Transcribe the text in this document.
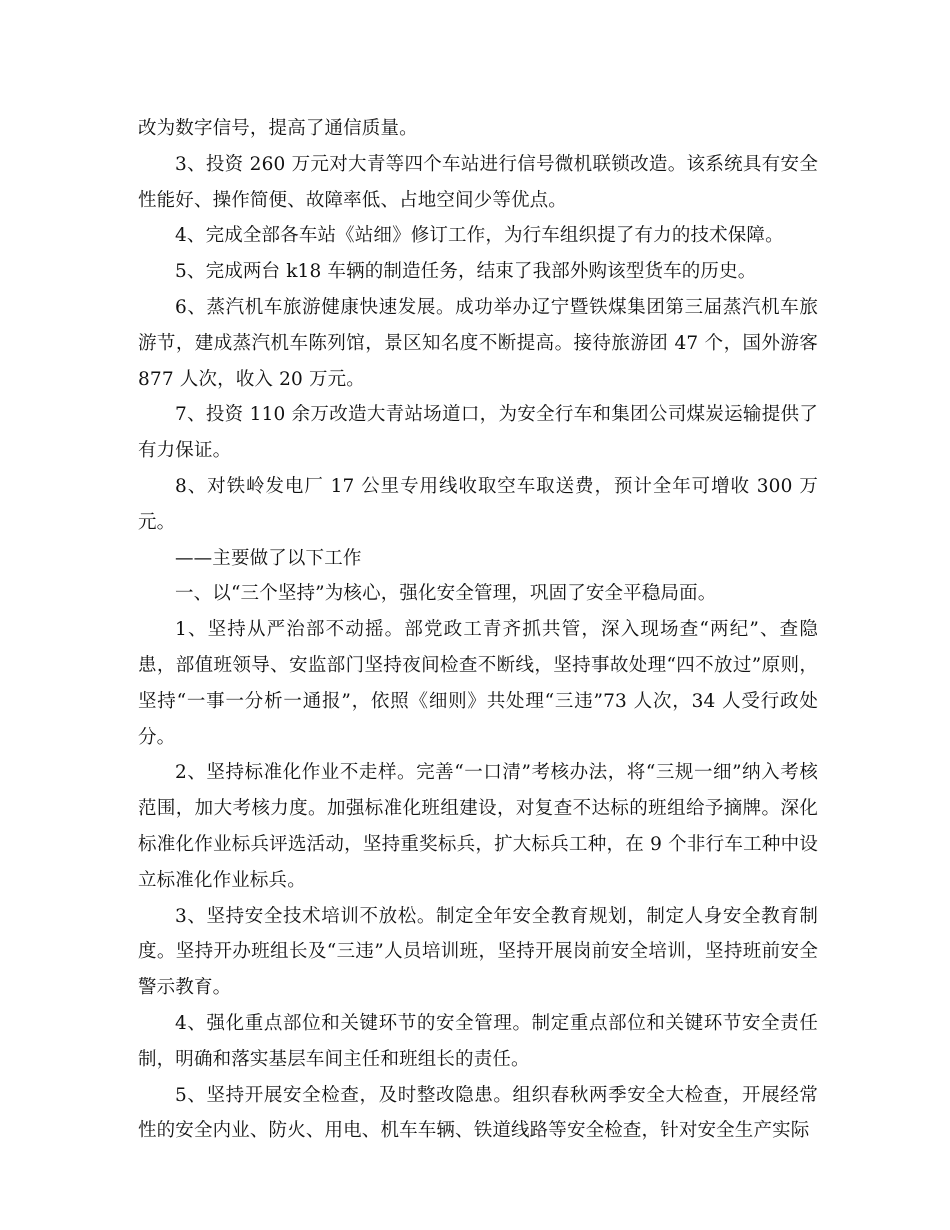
改为数字信号，提高了通信质量。

3、投资 260 万元对大青等四个车站进行信号微机联锁改造。该系统具有安全性能好、操作简便、故障率低、占地空间少等优点。

4、完成全部各车站《站细》修订工作，为行车组织提了有力的技术保障。

5、完成两台 k18 车辆的制造任务，结束了我部外购该型货车的历史。

6、蒸汽机车旅游健康快速发展。成功举办辽宁暨铁煤集团第三届蒸汽机车旅游节，建成蒸汽机车陈列馆，景区知名度不断提高。接待旅游团 47 个，国外游客 877 人次，收入 20 万元。

7、投资 110 余万改造大青站场道口，为安全行车和集团公司煤炭运输提供了有力保证。

8、对铁岭发电厂 17 公里专用线收取空车取送费，预计全年可增收 300 万元。

——主要做了以下工作

一、以“三个坚持”为核心，强化安全管理，巩固了安全平稳局面。

1、坚持从严治部不动摇。部党政工青齐抓共管，深入现场查“两纪”、查隐患，部值班领导、安监部门坚持夜间检查不断线，坚持事故处理“四不放过”原则，坚持“一事一分析一通报”，依照《细则》共处理“三违”73 人次，34 人受行政处分。

2、坚持标准化作业不走样。完善“一口清”考核办法，将“三规一细”纳入考核范围，加大考核力度。加强标准化班组建设，对复查不达标的班组给予摘牌。深化标准化作业标兵评选活动，坚持重奖标兵，扩大标兵工种，在 9 个非行车工种中设立标准化作业标兵。

3、坚持安全技术培训不放松。制定全年安全教育规划，制定人身安全教育制度。坚持开办班组长及“三违”人员培训班，坚持开展岗前安全培训，坚持班前安全警示教育。

4、强化重点部位和关键环节的安全管理。制定重点部位和关键环节安全责任制，明确和落实基层车间主任和班组长的责任。

5、坚持开展安全检查，及时整改隐患。组织春秋两季安全大检查，开展经常性的安全内业、防火、用电、机车车辆、铁道线路等安全检查，针对安全生产实际
